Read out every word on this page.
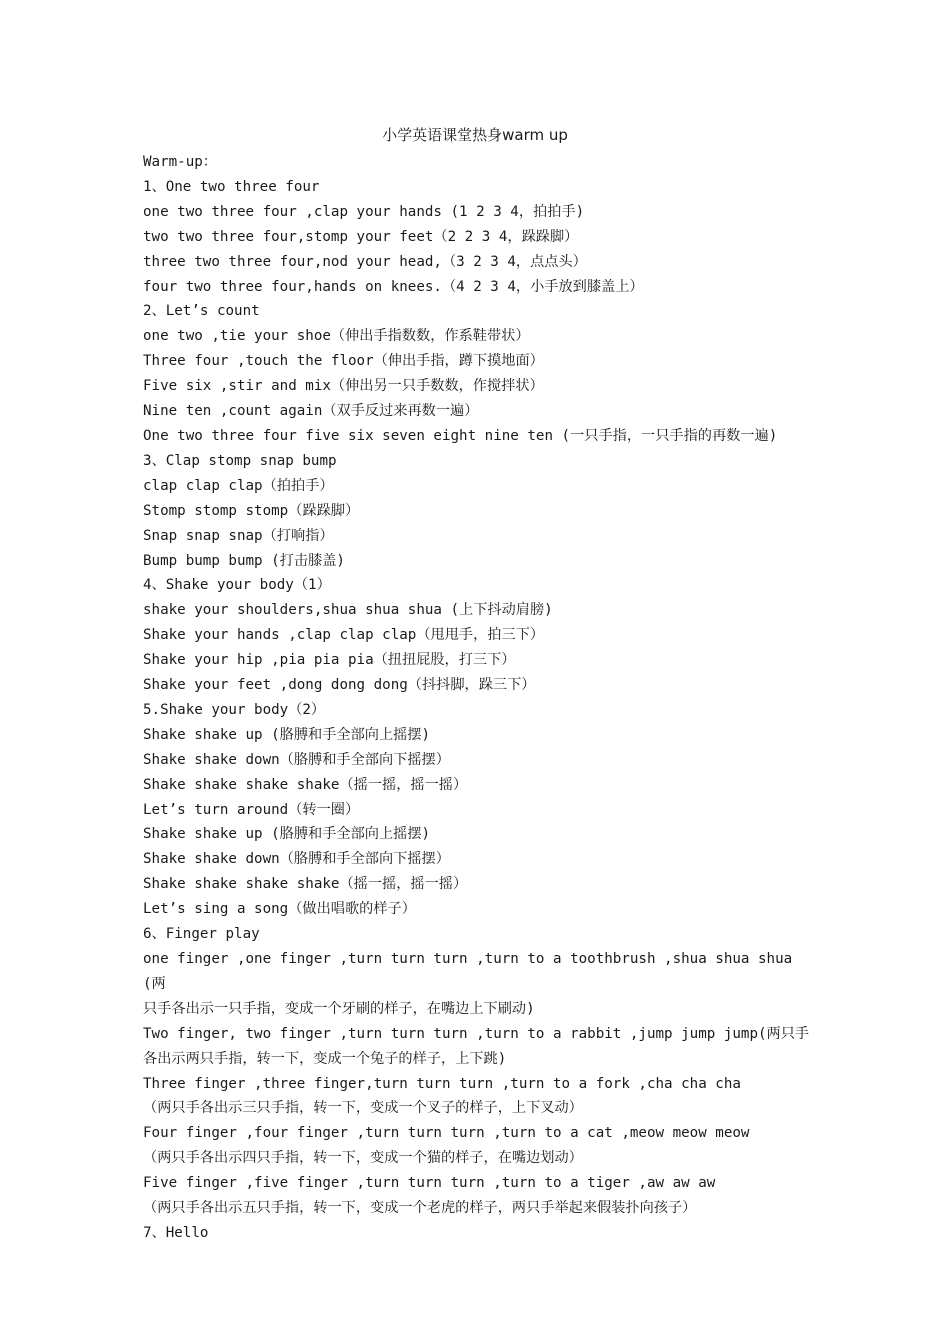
小学英语课堂热身warm up

Warm-up：

1、One two three four

one two three four ,clap your hands (1 2 3 4，拍拍手)

two two three four,stomp your feet（2 2 3 4，跺跺脚）

three two three four,nod your head,（3 2 3 4，点点头）

four two three four,hands on knees.（4 2 3 4，小手放到膝盖上）

2、Let’s count

one two ,tie your shoe（伸出手指数数，作系鞋带状）

Three four ,touch the floor（伸出手指，蹲下摸地面）

Five six ,stir and mix（伸出另一只手数数，作搅拌状）

Nine ten ,count again（双手反过来再数一遍）

One two three four five six seven eight nine ten (一只手指，一只手指的再数一遍)

3、Clap stomp snap bump

clap clap clap（拍拍手）

Stomp stomp stomp（跺跺脚）

Snap snap snap（打响指）

Bump bump bump (打击膝盖)

4、Shake your body（1）

shake your shoulders,shua shua shua (上下抖动肩膀)

Shake your hands ,clap clap clap（甩甩手，拍三下）

Shake your hip ,pia pia pia（扭扭屁股，打三下）

Shake your feet ,dong dong dong（抖抖脚，跺三下）

5.Shake your body（2）

Shake shake up (胳膊和手全部向上摇摆)

Shake shake down（胳膊和手全部向下摇摆）

Shake shake shake shake（摇一摇，摇一摇）

Let’s turn around（转一圈）

Shake shake up (胳膊和手全部向上摇摆)

Shake shake down（胳膊和手全部向下摇摆）

Shake shake shake shake（摇一摇，摇一摇）

Let’s sing a song（做出唱歌的样子）

6、Finger play

one finger ,one finger ,turn turn turn ,turn to a toothbrush ,shua shua shua(两

只手各出示一只手指，变成一个牙刷的样子，在嘴边上下刷动)

Two finger, two finger ,turn turn turn ,turn to a rabbit ,jump jump jump(两只手

各出示两只手指，转一下，变成一个兔子的样子，上下跳)

Three finger ,three finger,turn turn turn ,turn to a fork ,cha cha cha

（两只手各出示三只手指，转一下，变成一个叉子的样子，上下叉动）

Four finger ,four finger ,turn turn turn ,turn to a cat ,meow meow meow

（两只手各出示四只手指，转一下，变成一个猫的样子，在嘴边划动）

Five finger ,five finger ,turn turn turn ,turn to a tiger ,aw aw aw

（两只手各出示五只手指，转一下，变成一个老虎的样子，两只手举起来假装扑向孩子）

7、Hello
